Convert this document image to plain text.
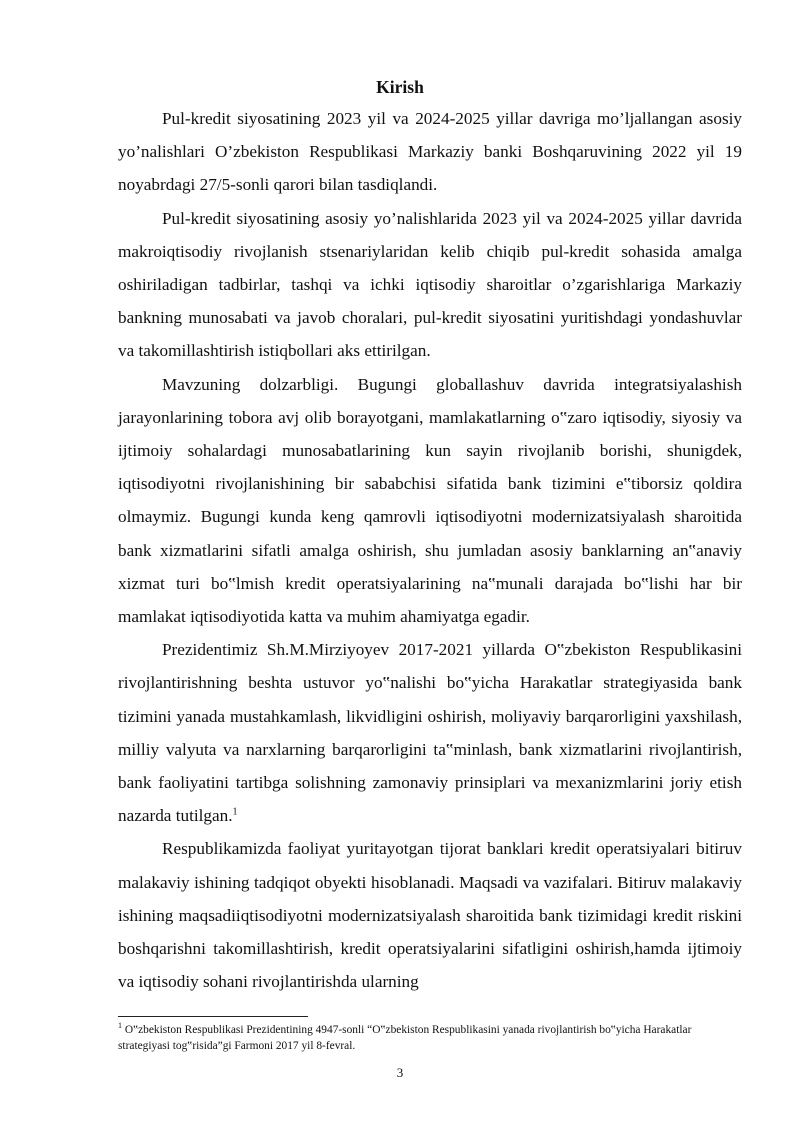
Kirish

Pul-kredit siyosatining 2023 yil va 2024-2025 yillar davriga mo’ljallangan asosiy yo’nalishlari O’zbekiston Respublikasi Markaziy banki Boshqaruvining 2022 yil 19 noyabrdagi 27/5-sonli qarori bilan tasdiqlandi.

Pul-kredit siyosatining asosiy yo’nalishlarida 2023 yil va 2024-2025 yillar davrida makroiqtisodiy rivojlanish stsenariylaridan kelib chiqib pul-kredit sohasida amalga oshiriladigan tadbirlar, tashqi va ichki iqtisodiy sharoitlar o’zgarishlariga Markaziy bankning munosabati va javob choralari, pul-kredit siyosatini yuritishdagi yondashuvlar va takomillashtirish istiqbollari aks ettirilgan.

Mavzuning dolzarbligi. Bugungi globallashuv davrida integratsiyalashish jarayonlarining tobora avj olib borayotgani, mamlakatlarning o‟zaro iqtisodiy, siyosiy va ijtimoiy sohalardagi munosabatlarining kun sayin rivojlanib borishi, shunigdek, iqtisodiyotni rivojlanishining bir sababchisi sifatida bank tizimini e‟tiborsiz qoldira olmaymiz. Bugungi kunda keng qamrovli iqtisodiyotni modernizatsiyalash sharoitida bank xizmatlarini sifatli amalga oshirish, shu jumladan asosiy banklarning an‟anaviy xizmat turi bo‟lmish kredit operatsiyalarining na‟munali darajada bo‟lishi har bir mamlakat iqtisodiyotida katta va muhim ahamiyatga egadir.

Prezidentimiz Sh.M.Mirziyoyev 2017-2021 yillarda O‟zbekiston Respublikasini rivojlantirishning beshta ustuvor yo‟nalishi bo‟yicha Harakatlar strategiyasida bank tizimini yanada mustahkamlash, likvidligini oshirish, moliyaviy barqarorligini yaxshilash, milliy valyuta va narxlarning barqarorligini ta‟minlash, bank xizmatlarini rivojlantirish, bank faoliyatini tartibga solishning zamonaviy prinsiplari va mexanizmlarini joriy etish nazarda tutilgan.$^1$

Respublikamizda faoliyat yuritayotgan tijorat banklari kredit operatsiyalari bitiruv malakaviy ishining tadqiqot obyekti hisoblanadi. Maqsadi va vazifalari. Bitiruv malakaviy ishining maqsadiiqtisodiyotni modernizatsiyalash sharoitida bank tizimidagi kredit riskini boshqarishni takomillashtirish, kredit operatsiyalarini sifatligini oshirish,hamda ijtimoiy va iqtisodiy sohani rivojlantirishda ularning

$^1$ O‟zbekiston Respublikasi Prezidentining 4947-sonli “O‟zbekiston Respublikasini yanada rivojlantirish bo‟yicha Harakatlar strategiyasi tog‟risida”gi Farmoni 2017 yil 8-fevral.
3
